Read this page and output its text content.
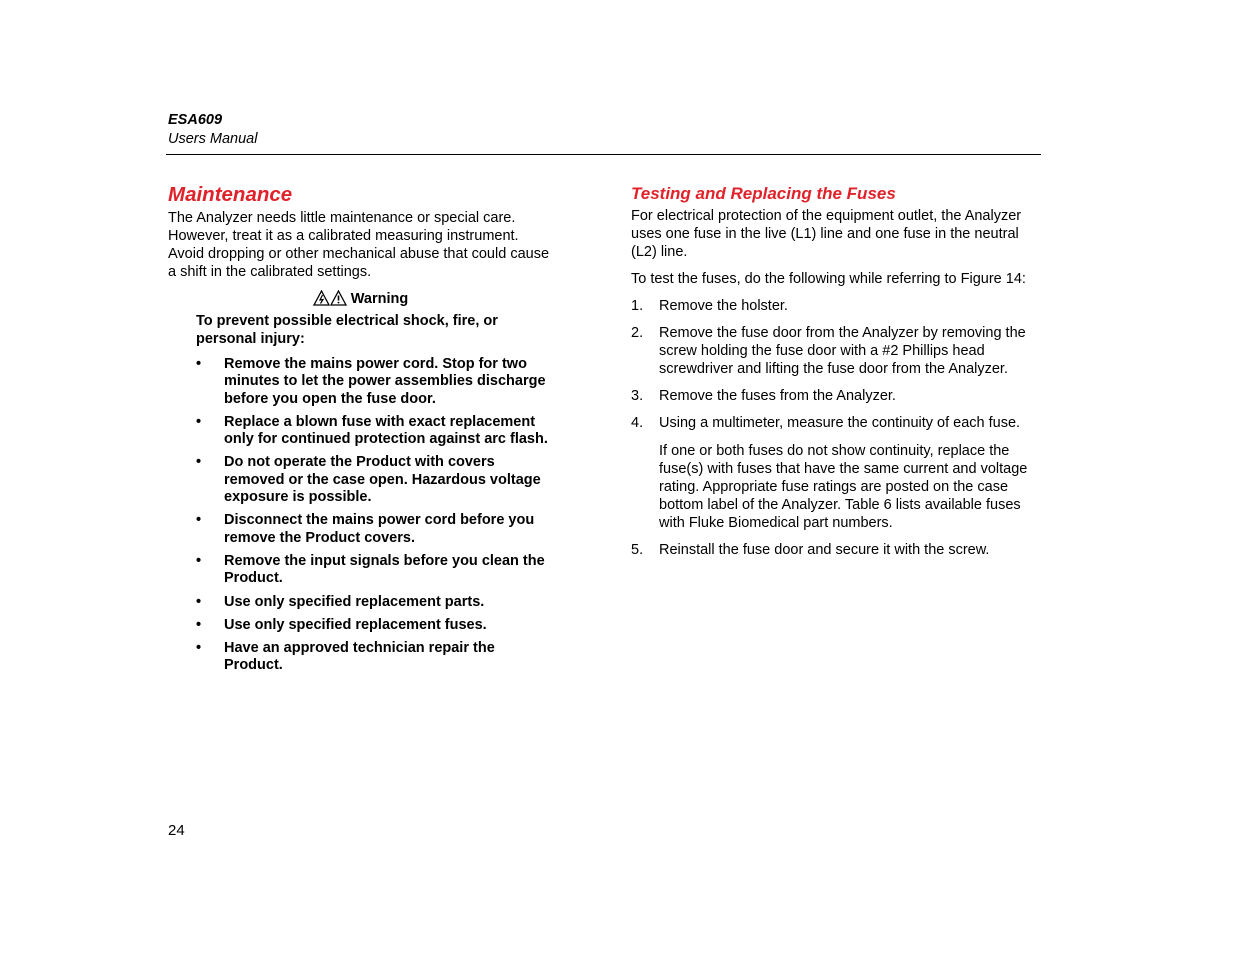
ESA609
Users Manual
Maintenance

The Analyzer needs little maintenance or special care. However, treat it as a calibrated measuring instrument. Avoid dropping or other mechanical abuse that could cause a shift in the calibrated settings.

Warning
To prevent possible electrical shock, fire, or personal injury:
• Remove the mains power cord. Stop for two minutes to let the power assemblies discharge before you open the fuse door.
• Replace a blown fuse with exact replacement only for continued protection against arc flash.
• Do not operate the Product with covers removed or the case open. Hazardous voltage exposure is possible.
• Disconnect the mains power cord before you remove the Product covers.
• Remove the input signals before you clean the Product.
• Use only specified replacement parts.
• Use only specified replacement fuses.
• Have an approved technician repair the Product.
Testing and Replacing the Fuses

For electrical protection of the equipment outlet, the Analyzer uses one fuse in the live (L1) line and one fuse in the neutral (L2) line.

To test the fuses, do the following while referring to Figure 14:

1. Remove the holster.
2. Remove the fuse door from the Analyzer by removing the screw holding the fuse door with a #2 Phillips head screwdriver and lifting the fuse door from the Analyzer.
3. Remove the fuses from the Analyzer.
4. Using a multimeter, measure the continuity of each fuse.
If one or both fuses do not show continuity, replace the fuse(s) with fuses that have the same current and voltage rating. Appropriate fuse ratings are posted on the case bottom label of the Analyzer. Table 6 lists available fuses with Fluke Biomedical part numbers.
5. Reinstall the fuse door and secure it with the screw.
24
